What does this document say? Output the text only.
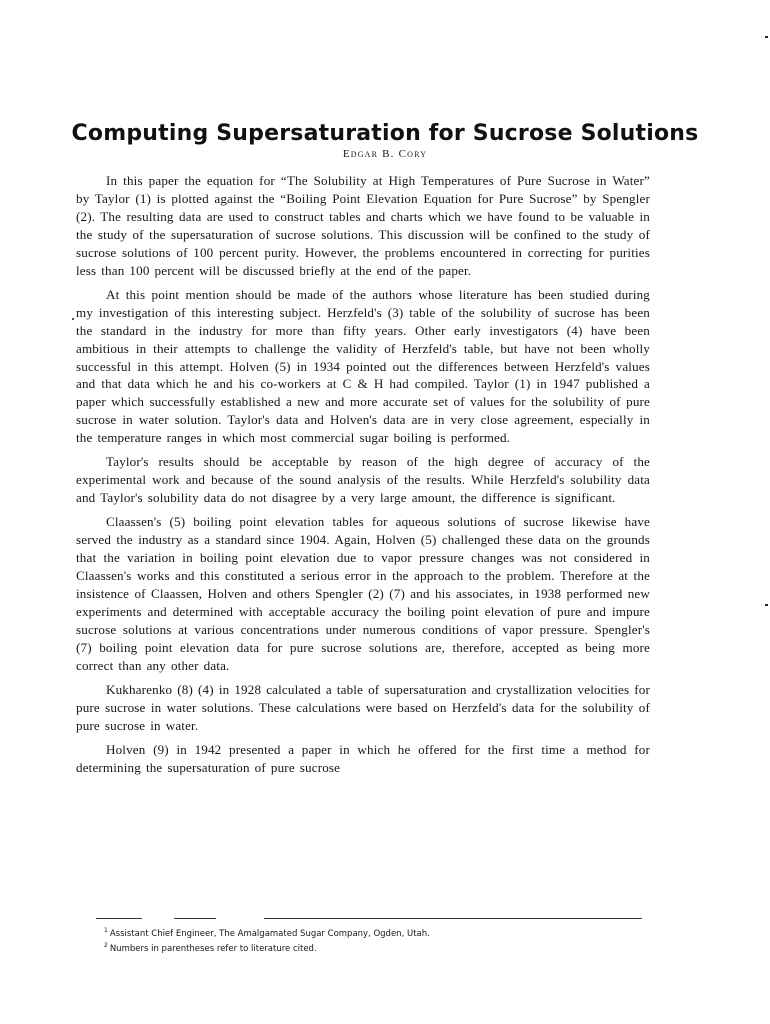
Computing Supersaturation for Sucrose Solutions
Edgar B. Cory

In this paper the equation for “The Solubility at High Temperatures of Pure Sucrose in Water” by Taylor (1) is plotted against the “Boiling Point Elevation Equation for Pure Sucrose” by Spengler (2). The resulting data are used to construct tables and charts which we have found to be valuable in the study of the supersaturation of sucrose solutions. This discussion will be confined to the study of sucrose solutions of 100 percent purity. However, the problems encountered in correcting for purities less than 100 percent will be discussed briefly at the end of the paper.

At this point mention should be made of the authors whose literature has been studied during my investigation of this interesting subject. Herzfeld's (3) table of the solubility of sucrose has been the standard in the industry for more than fifty years. Other early investigators (4) have been ambitious in their attempts to challenge the validity of Herzfeld's table, but have not been wholly successful in this attempt. Holven (5) in 1934 pointed out the differences between Herzfeld's values and that data which he and his co-workers at C & H had compiled. Taylor (1) in 1947 published a paper which successfully established a new and more accurate set of values for the solubility of pure sucrose in water solution. Taylor's data and Holven's data are in very close agreement, especially in the temperature ranges in which most commercial sugar boiling is performed.

Taylor's results should be acceptable by reason of the high degree of accuracy of the experimental work and because of the sound analysis of the results. While Herzfeld's solubility data and Taylor's solubility data do not disagree by a very large amount, the difference is significant.

Claassen's (5) boiling point elevation tables for aqueous solutions of sucrose likewise have served the industry as a standard since 1904. Again, Holven (5) challenged these data on the grounds that the variation in boiling point elevation due to vapor pressure changes was not considered in Claassen's works and this constituted a serious error in the approach to the problem. Therefore at the insistence of Claassen, Holven and others Spengler (2) (7) and his associates, in 1938 performed new experiments and determined with acceptable accuracy the boiling point elevation of pure and impure sucrose solutions at various concentrations under numerous conditions of vapor pressure. Spengler's (7) boiling point elevation data for pure sucrose solutions are, therefore, accepted as being more correct than any other data.

Kukharenko (8) (4) in 1928 calculated a table of supersaturation and crystallization velocities for pure sucrose in water solutions. These calculations were based on Herzfeld's data for the solubility of pure sucrose in water.

Holven (9) in 1942 presented a paper in which he offered for the first time a method for determining the supersaturation of pure sucrose

$^1$ Assistant Chief Engineer, The Amalgamated Sugar Company, Ogden, Utah.
$^2$ Numbers in parentheses refer to literature cited.
